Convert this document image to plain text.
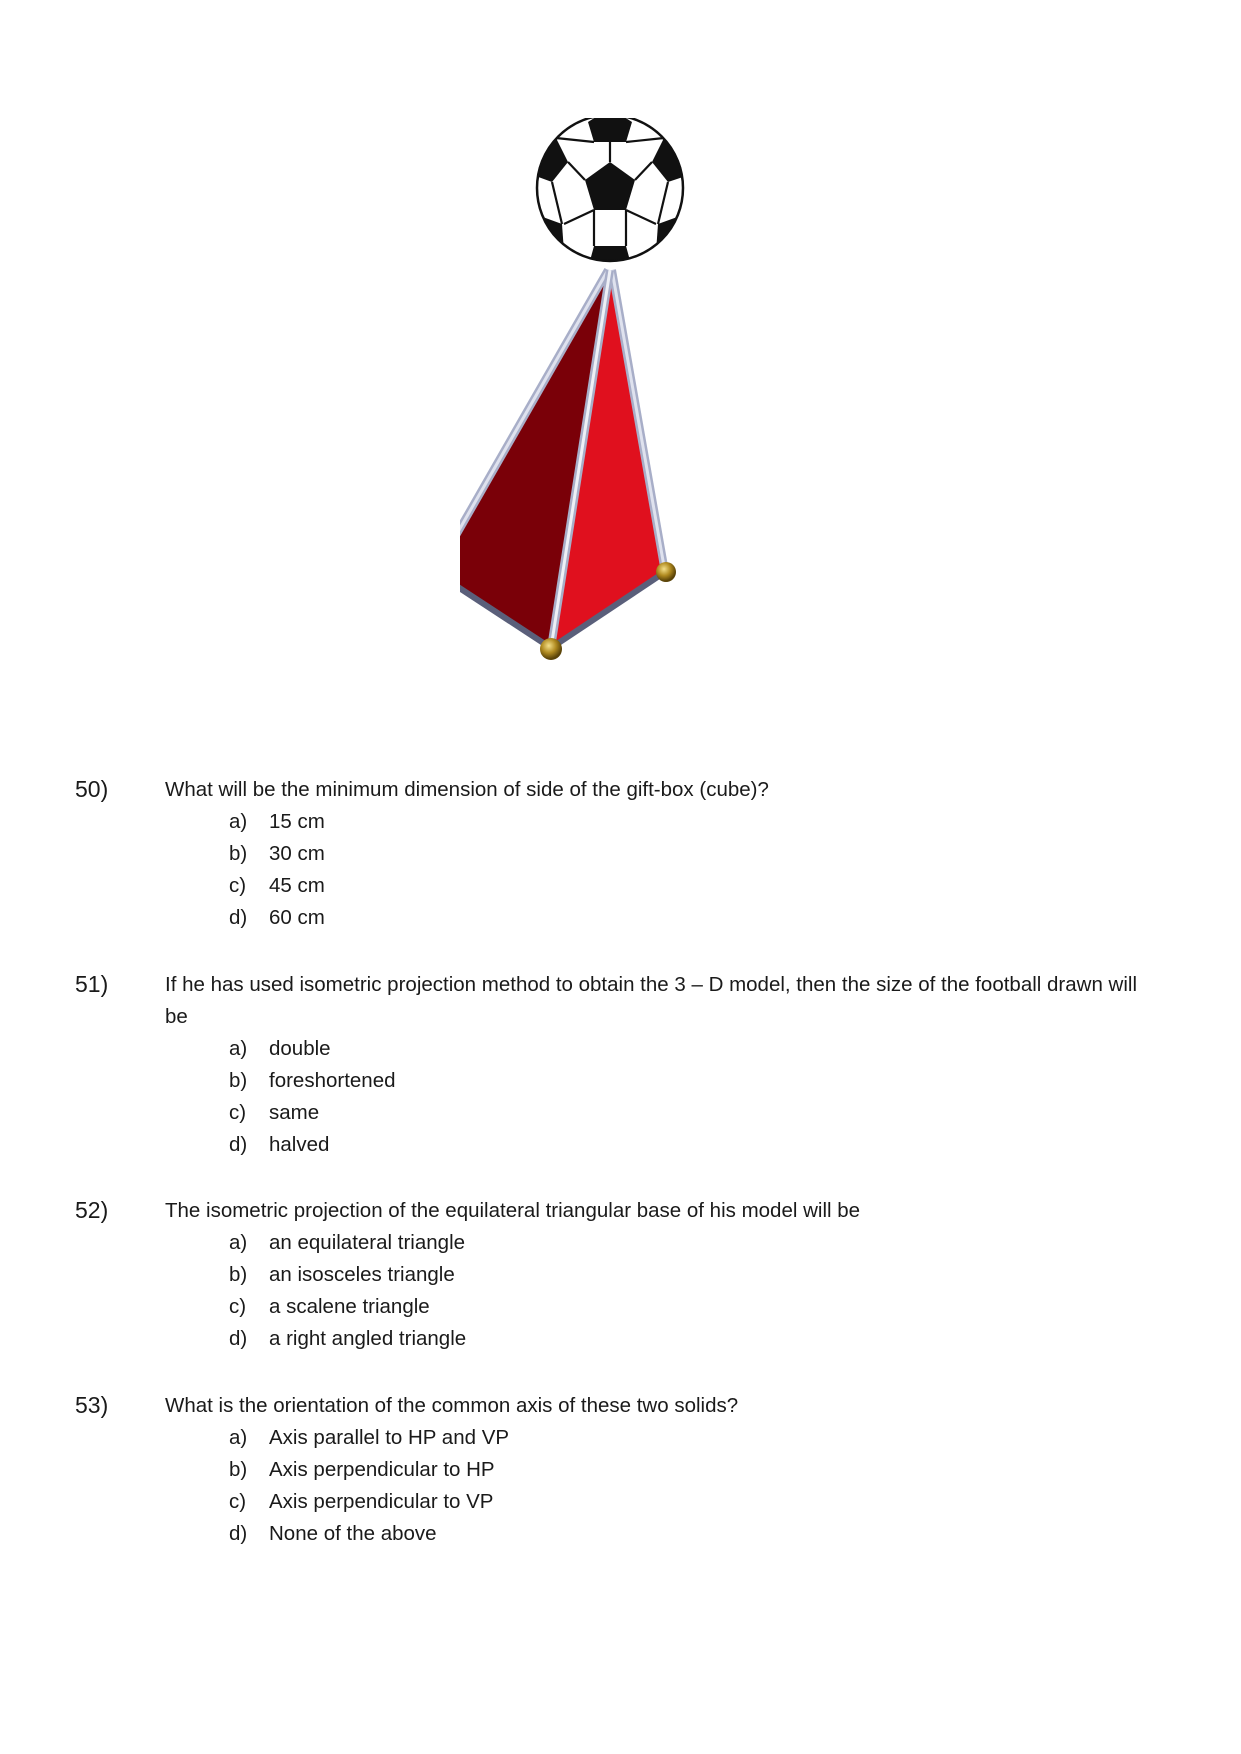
50)	What will be the minimum dimension of side of the gift-box (cube)?
a) 15 cm
b) 30 cm
c) 45 cm
d) 60 cm
51)	If he has used isometric projection method to obtain the 3 – D model, then the size of the football drawn will be
a) double
b) foreshortened
c) same
d) halved
52)	The isometric projection of the equilateral triangular base of his model will be
a) an equilateral triangle
b) an isosceles triangle
c) a scalene triangle
d) a right angled triangle
53)	What is the orientation of the common axis of these two solids?
a) Axis parallel to HP and VP
b) Axis perpendicular to HP
c) Axis perpendicular to VP
d) None of the above
